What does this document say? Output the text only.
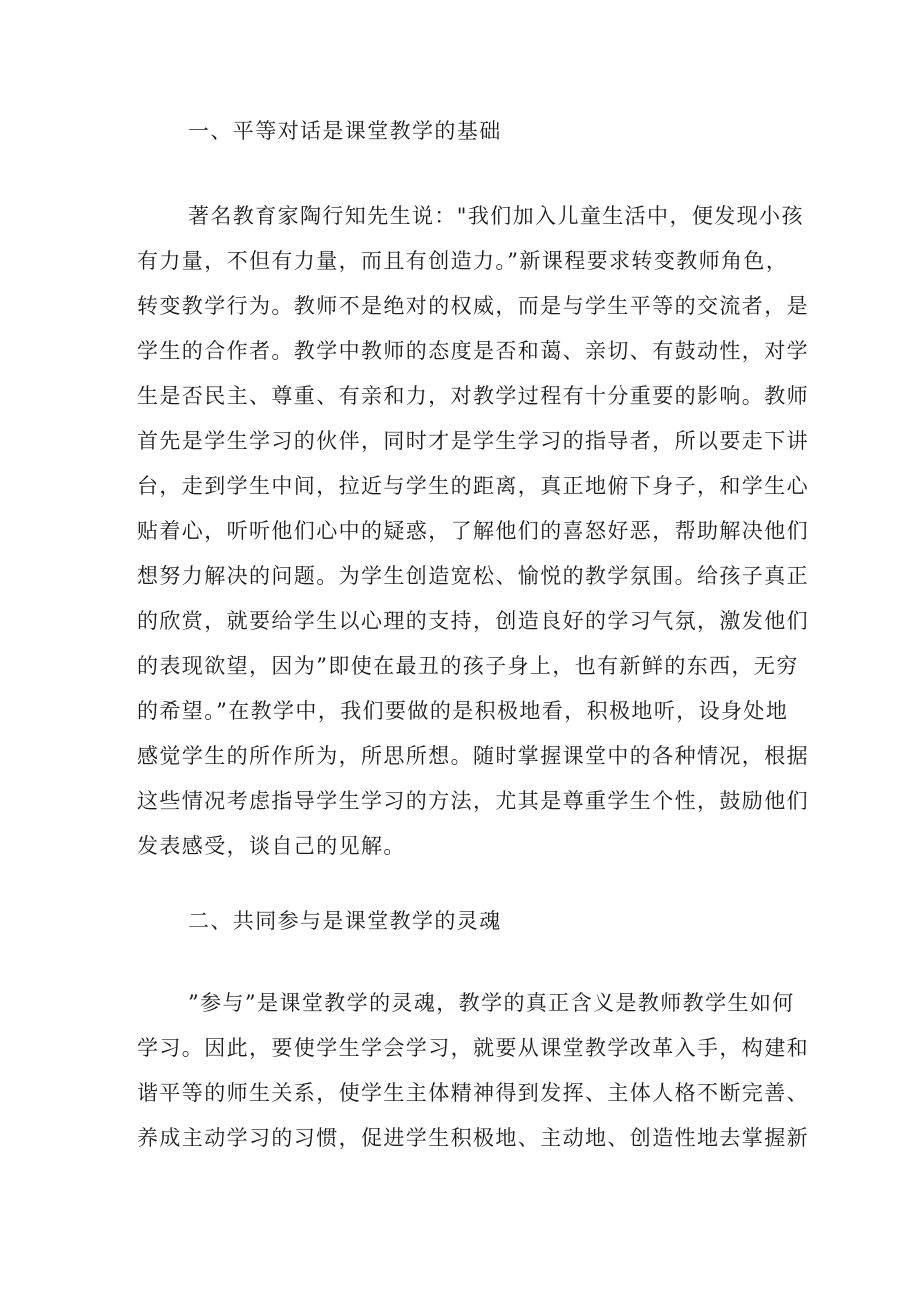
一、平等对话是课堂教学的基础
著名教育家陶行知先生说："我们加入儿童生活中，便发现小孩
有力量，不但有力量，而且有创造力。”新课程要求转变教师角色，
转变教学行为。教师不是绝对的权威，而是与学生平等的交流者，是
学生的合作者。教学中教师的态度是否和蔼、亲切、有鼓动性，对学
生是否民主、尊重、有亲和力，对教学过程有十分重要的影响。教师
首先是学生学习的伙伴，同时才是学生学习的指导者，所以要走下讲
台，走到学生中间，拉近与学生的距离，真正地俯下身子，和学生心
贴着心，听听他们心中的疑惑，了解他们的喜怒好恶，帮助解决他们
想努力解决的问题。为学生创造宽松、愉悦的教学氛围。给孩子真正
的欣赏，就要给学生以心理的支持，创造良好的学习气氛，激发他们
的表现欲望，因为”即使在最丑的孩子身上，也有新鲜的东西，无穷
的希望。”在教学中，我们要做的是积极地看，积极地听，设身处地
感觉学生的所作所为，所思所想。随时掌握课堂中的各种情况，根据
这些情况考虑指导学生学习的方法，尤其是尊重学生个性，鼓励他们
发表感受，谈自己的见解。
二、共同参与是课堂教学的灵魂
”参与”是课堂教学的灵魂，教学的真正含义是教师教学生如何
学习。因此，要使学生学会学习，就要从课堂教学改革入手，构建和
谐平等的师生关系，使学生主体精神得到发挥、主体人格不断完善、
养成主动学习的习惯，促进学生积极地、主动地、创造性地去掌握新
